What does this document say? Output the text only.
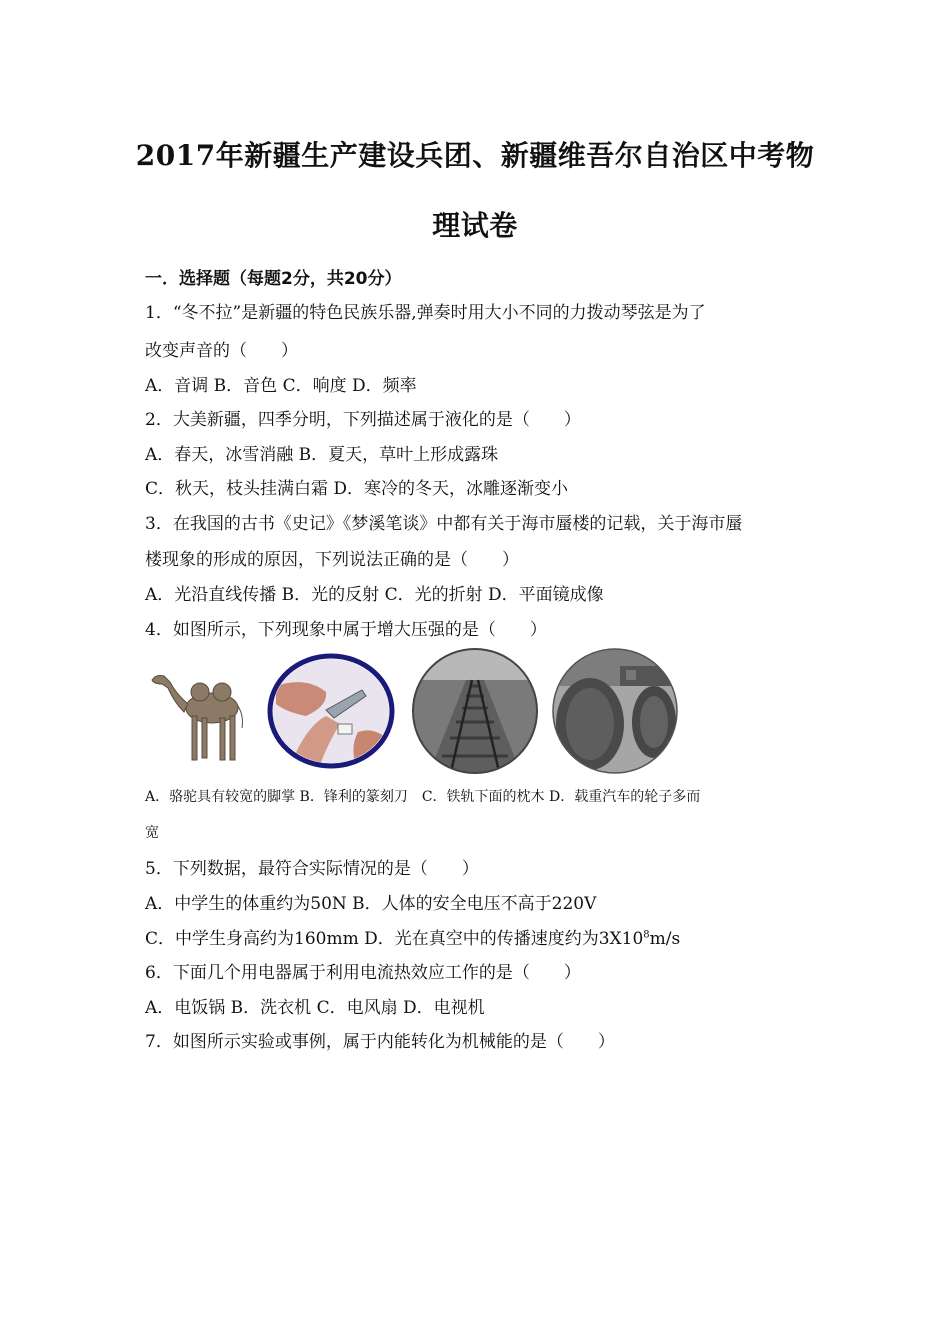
2017年新疆生产建设兵团、新疆维吾尔自治区中考物
理试卷
一．选择题（每题2分，共20分）
1．“冬不拉”是新疆的特色民族乐器,弹奏时用大小不同的力拨动琴弦是为了
改变声音的（　　）
A．音调 B．音色 C．响度 D．频率
2．大美新疆，四季分明，下列描述属于液化的是（　　）
A．春天，冰雪消融 B．夏天，草叶上形成露珠
C．秋天，枝头挂满白霜 D．寒冷的冬天，冰雕逐渐变小
3．在我国的古书《史记》《梦溪笔谈》中都有关于海市蜃楼的记载，关于海市蜃
楼现象的形成的原因，下列说法正确的是（　　）
A．光沿直线传播 B．光的反射 C．光的折射 D．平面镜成像
4．如图所示，下列现象中属于增大压强的是（　　）
A．骆驼具有较宽的脚掌 B．锋利的篆刻刀　C．铁轨下面的枕木 D．载重汽车的轮子多而
宽
5．下列数据，最符合实际情况的是（　　）
A．中学生的体重约为50N B．人体的安全电压不高于220V
C．中学生身高约为160mm D．光在真空中的传播速度约为$3X10^8m/s$
6．下面几个用电器属于利用电流热效应工作的是（　　）
A．电饭锅 B．洗衣机 C．电风扇 D．电视机
7．如图所示实验或事例，属于内能转化为机械能的是（　　）
